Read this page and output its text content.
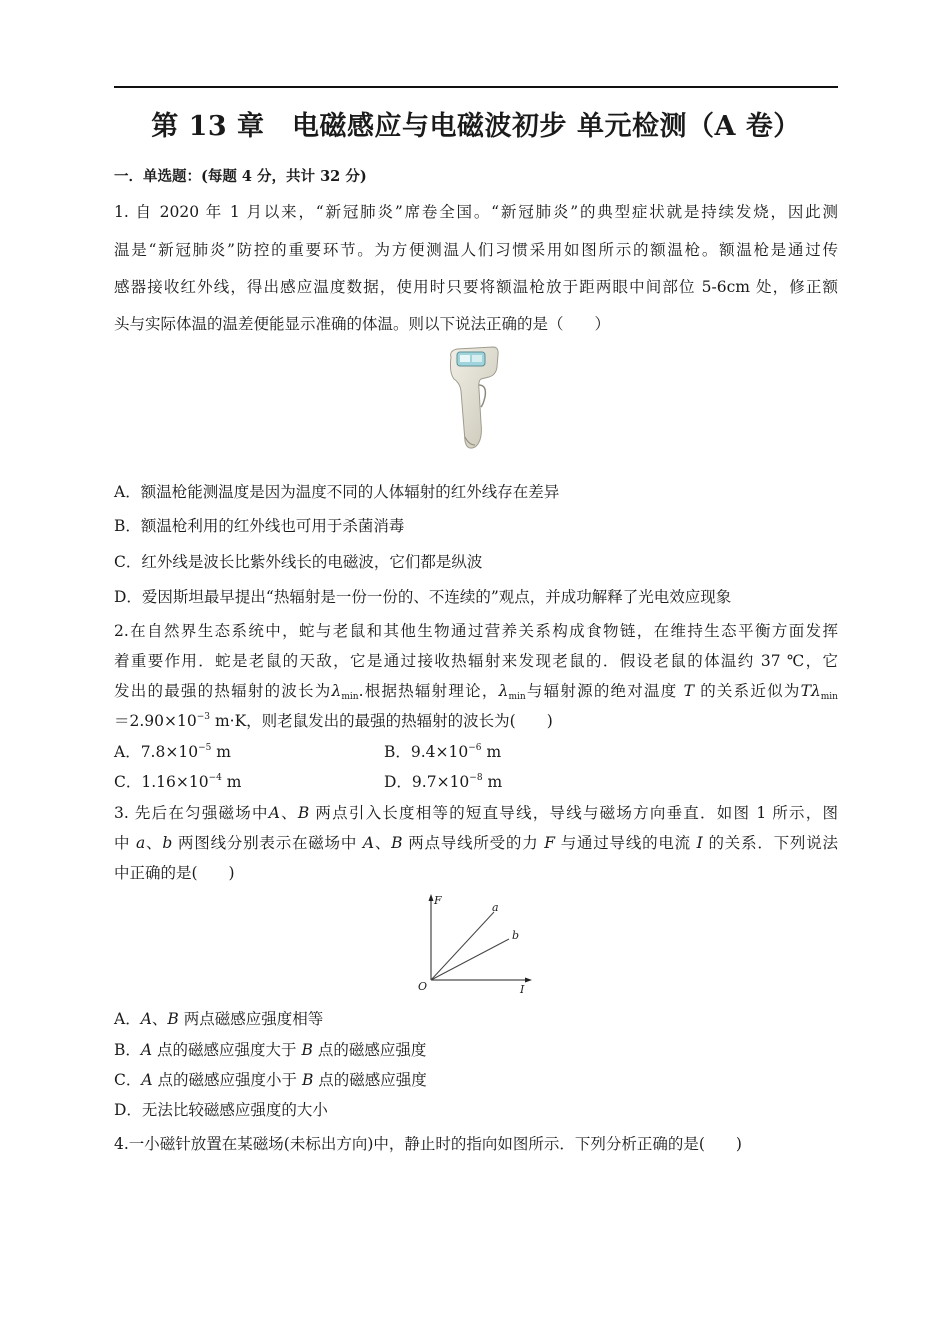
第 13 章　电磁感应与电磁波初步 单元检测（A 卷）
一．单选题：(每题 4 分，共计 32 分)
1. 自 2020 年 1 月以来，“新冠肺炎”席卷全国。“新冠肺炎”的典型症状就是持续发烧，因此测
温是“新冠肺炎”防控的重要环节。为方便测温人们习惯采用如图所示的额温枪。额温枪是通过传
感器接收红外线，得出感应温度数据，使用时只要将额温枪放于距两眼中间部位 5-6cm 处，修正额
头与实际体温的温差便能显示准确的体温。则以下说法正确的是（　　）
A．额温枪能测温度是因为温度不同的人体辐射的红外线存在差异
B．额温枪利用的红外线也可用于杀菌消毒
C．红外线是波长比紫外线长的电磁波，它们都是纵波
D．爱因斯坦最早提出“热辐射是一份一份的、不连续的”观点，并成功解释了光电效应现象
2.在自然界生态系统中，蛇与老鼠和其他生物通过营养关系构成食物链，在维持生态平衡方面发挥
着重要作用．蛇是老鼠的天敌，它是通过接收热辐射来发现老鼠的．假设老鼠的体温约 37 ℃，它
发出的最强的热辐射的波长为$\lambda_{min}$.根据热辐射理论，$\lambda_{min}$与辐射源的绝对温度 T 的关系近似为$T\lambda_{min}$
$=2.90\times 10^{-3}$ m·K，则老鼠发出的最强的热辐射的波长为(　　)
A．$7.8\times 10^{-5}$ m	B．$9.4\times 10^{-6}$ m
C．$1.16\times 10^{-4}$ m	D．$9.7\times 10^{-8}$ m
3. 先后在匀强磁场中A、B 两点引入长度相等的短直导线，导线与磁场方向垂直．如图 1 所示，图
中 a、b 两图线分别表示在磁场中 A、B 两点导线所受的力 F 与通过导线的电流 I 的关系．下列说法
中正确的是(　　)
F
I
O
a
b
A．A、B 两点磁感应强度相等
B．A 点的磁感应强度大于 B 点的磁感应强度
C．A 点的磁感应强度小于 B 点的磁感应强度
D．无法比较磁感应强度的大小
4.一小磁针放置在某磁场(未标出方向)中，静止时的指向如图所示．下列分析正确的是(　　)
